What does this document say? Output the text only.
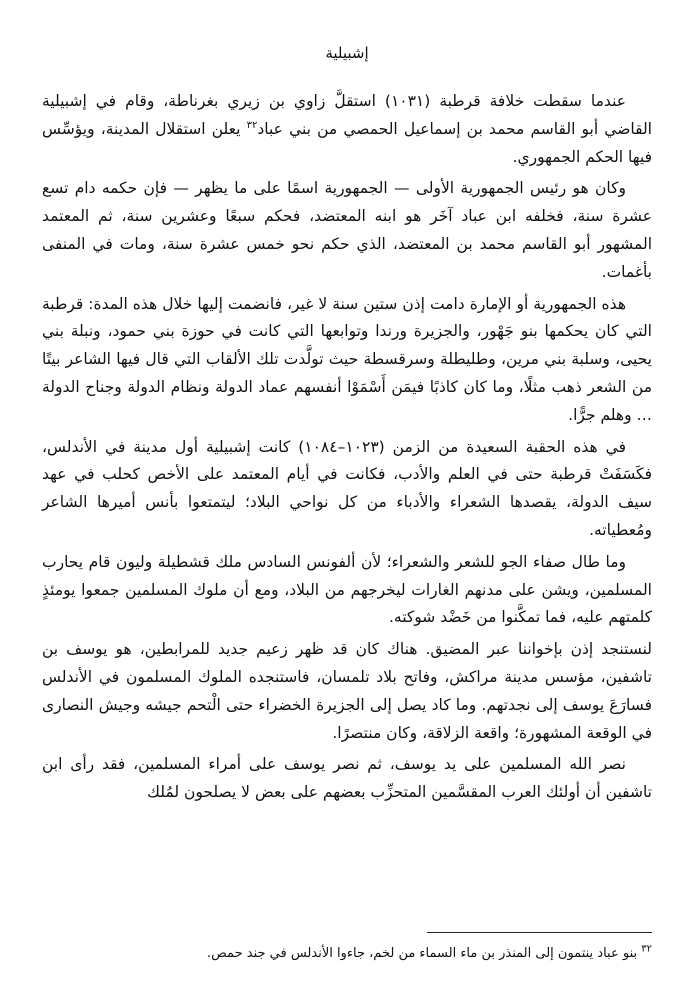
إشبيلية

عندما سقطت خلافة قرطبة (١٠٣١) استقلَّ زاوي بن زيري بغرناطة، وقام في إشبيلية القاضي أبو القاسم محمد بن إسماعيل الحمصي من بني عباد$^{٣٢}$ يعلن استقلال المدينة، ويؤسِّس فيها الحكم الجمهوري.

وكان هو رئيس الجمهورية الأولى — الجمهورية اسمًا على ما يظهر — فإن حكمه دام تسع عشرة سنة، فخلفه ابن عباد آخَر هو ابنه المعتضد، فحكم سبعًا وعشرين سنة، ثم المعتمد المشهور أبو القاسم محمد بن المعتضد، الذي حكم نحو خمس عشرة سنة، ومات في المنفى بأغمات.

هذه الجمهورية أو الإمارة دامت إذن ستين سنة لا غير، فانضمت إليها خلال هذه المدة: قرطبة التي كان يحكمها بنو جَهْور، والجزيرة ورندا وتوابعها التي كانت في حوزة بني حمود، ونبلة بني يحيى، وسلبة بني مرين، وطليطلة وسرقسطة حيث تولَّدت تلك الألقاب التي قال فيها الشاعر بيتًا من الشعر ذهب مثلًا، وما كان كاذبًا فيمَن أَسْمَوْا أنفسهم عماد الدولة ونظام الدولة وجناح الدولة … وهلم جرًّا.

في هذه الحقبة السعيدة من الزمن (١٠٢٣–١٠٨٤) كانت إشبيلية أول مدينة في الأندلس، فكَسَفَتْ قرطبة حتى في العلم والأدب، فكانت في أيام المعتمد على الأخص كحلب في عهد سيف الدولة، يقصدها الشعراء والأدباء من كل نواحي البلاد؛ ليتمتعوا بأنس أميرها الشاعر ومُعطياته.

وما طال صفاء الجو للشعر والشعراء؛ لأن ألفونس السادس ملك قشطيلة وليون قام يحارب المسلمين، ويشن على مدنهم الغارات ليخرجهم من البلاد، ومع أن ملوك المسلمين جمعوا يومئذٍ كلمتهم عليه، فما تمكَّنوا من خَضْد شوكته.

لنستنجد إذن بإخواننا عبر المضيق. هناك كان قد ظهر زعيم جديد للمرابطين، هو يوسف بن تاشفين، مؤسس مدينة مراكش، وفاتح بلاد تلمسان، فاستنجده الملوك المسلمون في الأندلس فسارَعَ يوسف إلى نجدتهم. وما كاد يصل إلى الجزيرة الخضراء حتى الْتحم جيشه وجيش النصارى في الوقعة المشهورة؛ واقعة الزلاقة، وكان منتصرًا.

نصر الله المسلمين على يد يوسف، ثم نصر يوسف على أمراء المسلمين، فقد رأى ابن تاشفين أن أولئك العرب المقسَّمين المتحزِّب بعضهم على بعض لا يصلحون لمُلك

$^{٣٢}$ بنو عباد ينتمون إلى المنذر بن ماء السماء من لخم، جاءوا الأندلس في جند حمص.
